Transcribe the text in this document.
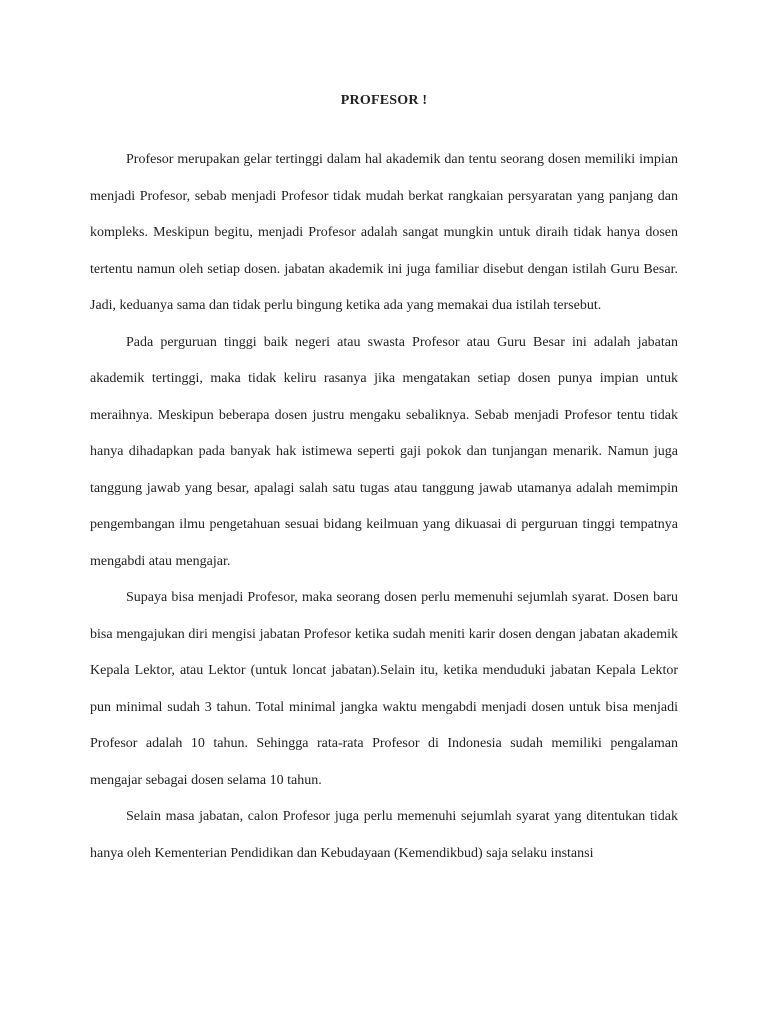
PROFESOR !

Profesor merupakan gelar tertinggi dalam hal akademik dan tentu seorang dosen memiliki impian menjadi Profesor, sebab menjadi Profesor tidak mudah berkat rangkaian persyaratan yang panjang dan kompleks. Meskipun begitu, menjadi Profesor adalah sangat mungkin untuk diraih tidak hanya dosen tertentu namun oleh setiap dosen. jabatan akademik ini juga familiar disebut dengan istilah Guru Besar. Jadi, keduanya sama dan tidak perlu bingung ketika ada yang memakai dua istilah tersebut.

Pada perguruan tinggi baik negeri atau swasta Profesor atau Guru Besar ini adalah jabatan akademik tertinggi, maka tidak keliru rasanya jika mengatakan setiap dosen punya impian untuk meraihnya. Meskipun beberapa dosen justru mengaku sebaliknya. Sebab menjadi Profesor tentu tidak hanya dihadapkan pada banyak hak istimewa seperti gaji pokok dan tunjangan menarik. Namun juga tanggung jawab yang besar, apalagi salah satu tugas atau tanggung jawab utamanya adalah memimpin pengembangan ilmu pengetahuan sesuai bidang keilmuan yang dikuasai di perguruan tinggi tempatnya mengabdi atau mengajar.

Supaya bisa menjadi Profesor, maka seorang dosen perlu memenuhi sejumlah syarat. Dosen baru bisa mengajukan diri mengisi jabatan Profesor ketika sudah meniti karir dosen dengan jabatan akademik Kepala Lektor, atau Lektor (untuk loncat jabatan).Selain itu, ketika menduduki jabatan Kepala Lektor pun minimal sudah 3 tahun. Total minimal jangka waktu mengabdi menjadi dosen untuk bisa menjadi Profesor adalah 10 tahun. Sehingga rata-rata Profesor di Indonesia sudah memiliki pengalaman mengajar sebagai dosen selama 10 tahun.

Selain masa jabatan, calon Profesor juga perlu memenuhi sejumlah syarat yang ditentukan tidak hanya oleh Kementerian Pendidikan dan Kebudayaan (Kemendikbud) saja selaku instansi
